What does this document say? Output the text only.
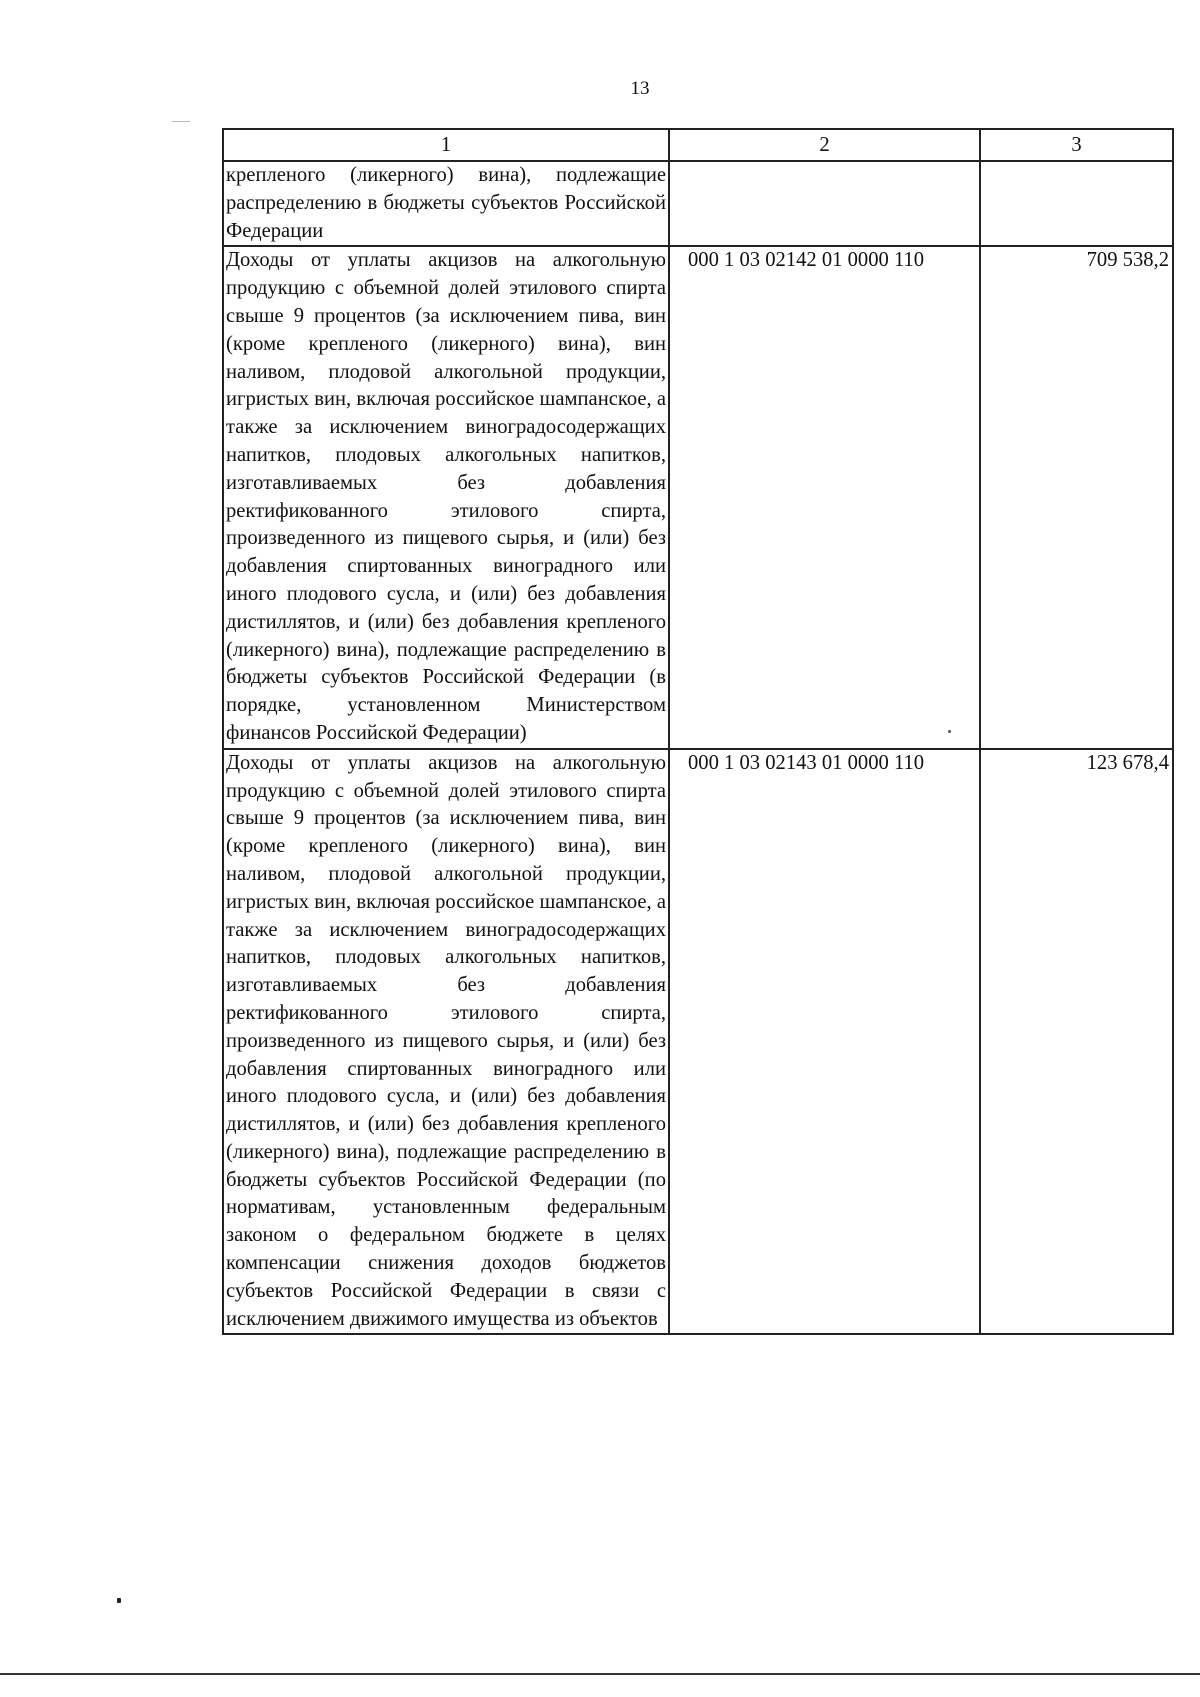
13
1	2	3
крепленого (ликерного) вина), подлежащие распределению в бюджеты субъектов Российской Федерации		
Доходы от уплаты акцизов на алкогольную продукцию с объемной долей этилового спирта свыше 9 процентов (за исключением пива, вин (кроме крепленого (ликерного) вина), вин наливом, плодовой алкогольной продукции, игристых вин, включая российское шампанское, а также за исключением виноградосодержащих напитков, плодовых алкогольных напитков, изготавливаемых без добавления ректификованного этилового спирта, произведенного из пищевого сырья, и (или) без добавления спиртованных виноградного или иного плодового сусла, и (или) без добавления дистиллятов, и (или) без добавления крепленого (ликерного) вина), подлежащие распределению в бюджеты субъектов Российской Федерации (в порядке, установленном Министерством финансов Российской Федерации)	000 1 03 02142 01 0000 110	709 538,2
Доходы от уплаты акцизов на алкогольную продукцию с объемной долей этилового спирта свыше 9 процентов (за исключением пива, вин (кроме крепленого (ликерного) вина), вин наливом, плодовой алкогольной продукции, игристых вин, включая российское шампанское, а также за исключением виноградосодержащих напитков, плодовых алкогольных напитков, изготавливаемых без добавления ректификованного этилового спирта, произведенного из пищевого сырья, и (или) без добавления спиртованных виноградного или иного плодового сусла, и (или) без добавления дистиллятов, и (или) без добавления крепленого (ликерного) вина), подлежащие распределению в бюджеты субъектов Российской Федерации (по нормативам, установленным федеральным законом о федеральном бюджете в целях компенсации снижения доходов бюджетов субъектов Российской Федерации в связи с исключением движимого имущества из объектов	000 1 03 02143 01 0000 110	123 678,4
